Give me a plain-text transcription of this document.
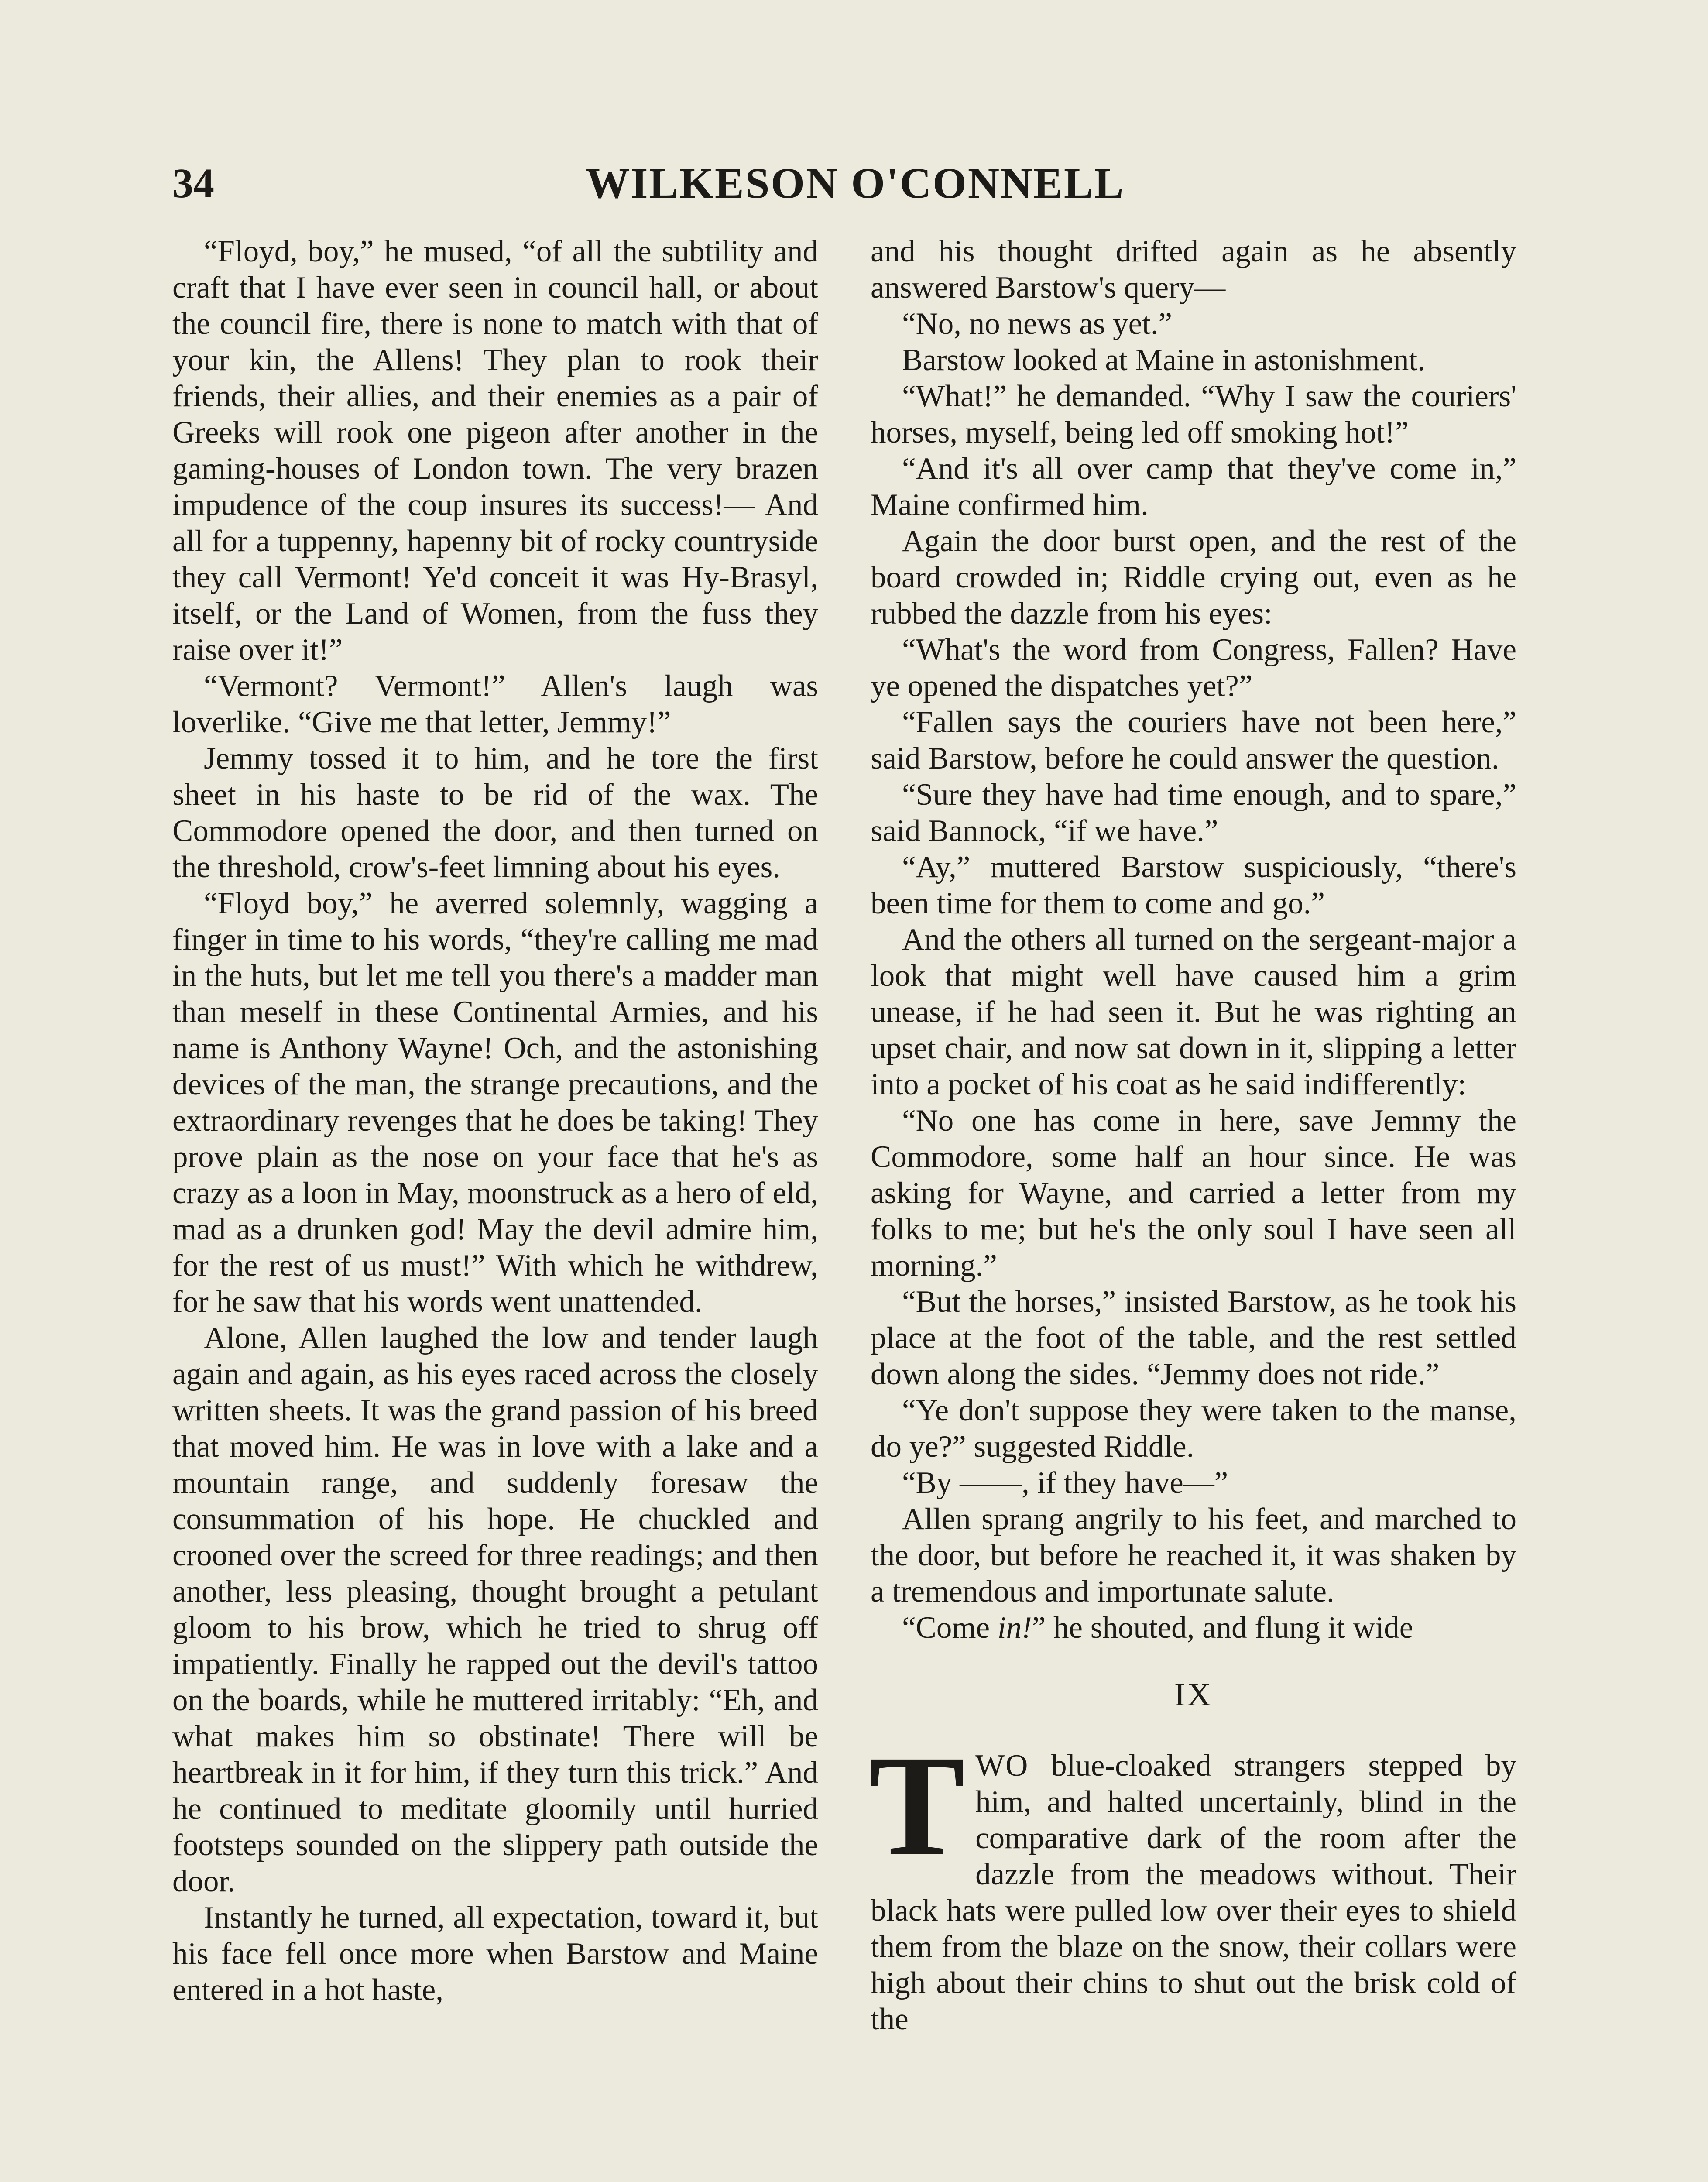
34	WILKESON O'CONNELL

“Floyd, boy,” he mused, “of all the subtility and craft that I have ever seen in council hall, or about the council fire, there is none to match with that of your kin, the Allens! They plan to rook their friends, their allies, and their enemies as a pair of Greeks will rook one pigeon after another in the gaming-houses of London town. The very brazen impudence of the coup insures its success!— And all for a tuppenny, hapenny bit of rocky countryside they call Vermont! Ye'd conceit it was Hy-Brasyl, itself, or the Land of Women, from the fuss they raise over it!”

“Vermont? Vermont!” Allen's laugh was loverlike. “Give me that letter, Jemmy!”

Jemmy tossed it to him, and he tore the first sheet in his haste to be rid of the wax. The Commodore opened the door, and then turned on the threshold, crow's-feet limning about his eyes.

“Floyd boy,” he averred solemnly, wagging a finger in time to his words, “they're calling me mad in the huts, but let me tell you there's a madder man than meself in these Continental Armies, and his name is Anthony Wayne! Och, and the astonishing devices of the man, the strange precautions, and the extraordinary revenges that he does be taking! They prove plain as the nose on your face that he's as crazy as a loon in May, moonstruck as a hero of eld, mad as a drunken god! May the devil admire him, for the rest of us must!” With which he withdrew, for he saw that his words went unattended.

Alone, Allen laughed the low and tender laugh again and again, as his eyes raced across the closely written sheets. It was the grand passion of his breed that moved him. He was in love with a lake and a mountain range, and suddenly foresaw the consummation of his hope. He chuckled and crooned over the screed for three readings; and then another, less pleasing, thought brought a petulant gloom to his brow, which he tried to shrug off impatiently. Finally he rapped out the devil's tattoo on the boards, while he muttered irritably: “Eh, and what makes him so obstinate! There will be heartbreak in it for him, if they turn this trick.” And he continued to meditate gloomily until hurried footsteps sounded on the slippery path outside the door.

Instantly he turned, all expectation, toward it, but his face fell once more when Barstow and Maine entered in a hot haste,

and his thought drifted again as he absently answered Barstow's query—

“No, no news as yet.”

Barstow looked at Maine in astonishment.

“What!” he demanded. “Why I saw the couriers' horses, myself, being led off smoking hot!”

“And it's all over camp that they've come in,” Maine confirmed him.

Again the door burst open, and the rest of the board crowded in; Riddle crying out, even as he rubbed the dazzle from his eyes:

“What's the word from Congress, Fallen? Have ye opened the dispatches yet?”

“Fallen says the couriers have not been here,” said Barstow, before he could answer the question.

“Sure they have had time enough, and to spare,” said Bannock, “if we have.”

“Ay,” muttered Barstow suspiciously, “there's been time for them to come and go.”

And the others all turned on the sergeant-major a look that might well have caused him a grim unease, if he had seen it. But he was righting an upset chair, and now sat down in it, slipping a letter into a pocket of his coat as he said indifferently:

“No one has come in here, save Jemmy the Commodore, some half an hour since. He was asking for Wayne, and carried a letter from my folks to me; but he's the only soul I have seen all morning.”

“But the horses,” insisted Barstow, as he took his place at the foot of the table, and the rest settled down along the sides. “Jemmy does not ride.”

“Ye don't suppose they were taken to the manse, do ye?” suggested Riddle.

“By ——, if they have—”

Allen sprang angrily to his feet, and marched to the door, but before he reached it, it was shaken by a tremendous and importunate salute.

“Come in!” he shouted, and flung it wide

IX

TWO blue-cloaked strangers stepped by him, and halted uncertainly, blind in the comparative dark of the room after the dazzle from the meadows without. Their black hats were pulled low over their eyes to shield them from the blaze on the snow, their collars were high about their chins to shut out the brisk cold of the
